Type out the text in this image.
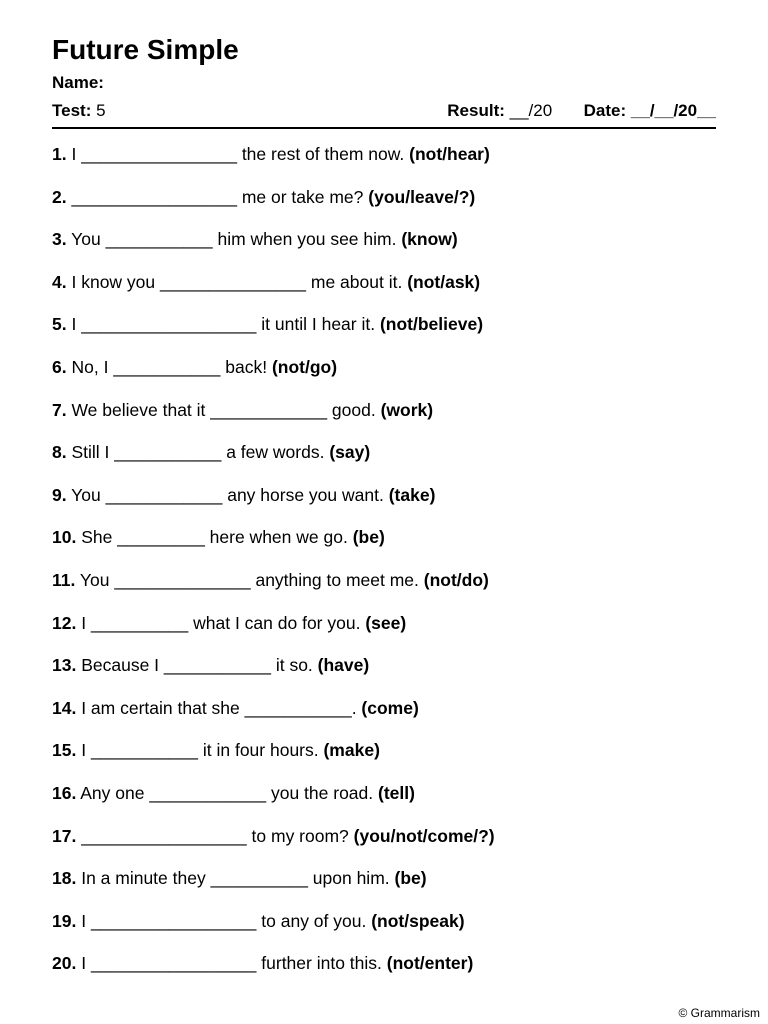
Future Simple
Name:
Test: 5	Result: __/20 Date: __/__/20__
1. I ________________ the rest of them now. (not/hear)
2. _________________ me or take me? (you/leave/?)
3. You ___________ him when you see him. (know)
4. I know you _______________ me about it. (not/ask)
5. I __________________ it until I hear it. (not/believe)
6. No, I ___________ back! (not/go)
7. We believe that it ____________ good. (work)
8. Still I ___________ a few words. (say)
9. You ____________ any horse you want. (take)
10. She _________ here when we go. (be)
11. You ______________ anything to meet me. (not/do)
12. I __________ what I can do for you. (see)
13. Because I ___________ it so. (have)
14. I am certain that she ___________. (come)
15. I ___________ it in four hours. (make)
16. Any one ____________ you the road. (tell)
17. _________________ to my room? (you/not/come/?)
18. In a minute they __________ upon him. (be)
19. I _________________ to any of you. (not/speak)
20. I _________________ further into this. (not/enter)
© Grammarism
